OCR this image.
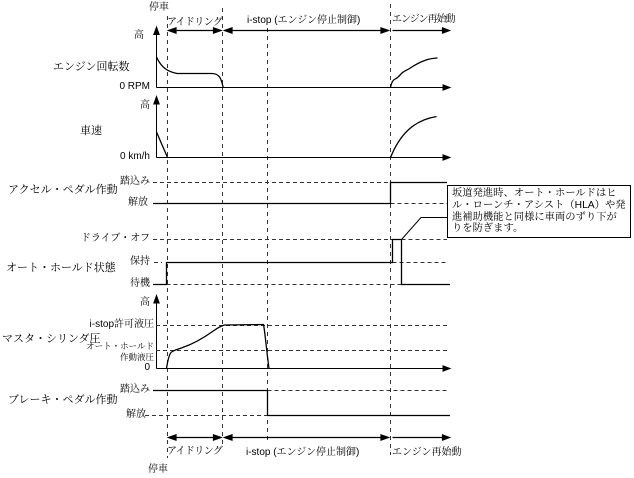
停車
アイドリング i-stop (エンジン停止制御)	エンジン再始動
エンジン回転数
高
0 RPM
車速
高
0 km/h
アクセル・ペダル作動
踏込み
解放
オート・ホールド状態
ドライブ・オフ
保持
待機
マスタ・シリンダ圧
高
i-stop許可液圧
オート・ホールド
作動液圧
0
ブレーキ・ペダル作動
踏込み
解放
アイドリング i-stop (エンジン停止制御)	エンジン再始動
停車
坂道発進時、オート・ホールドはヒル・ローンチ・アシスト（HLA）や発進補助機能と同様に車両のずり下がりを防ぎます。
